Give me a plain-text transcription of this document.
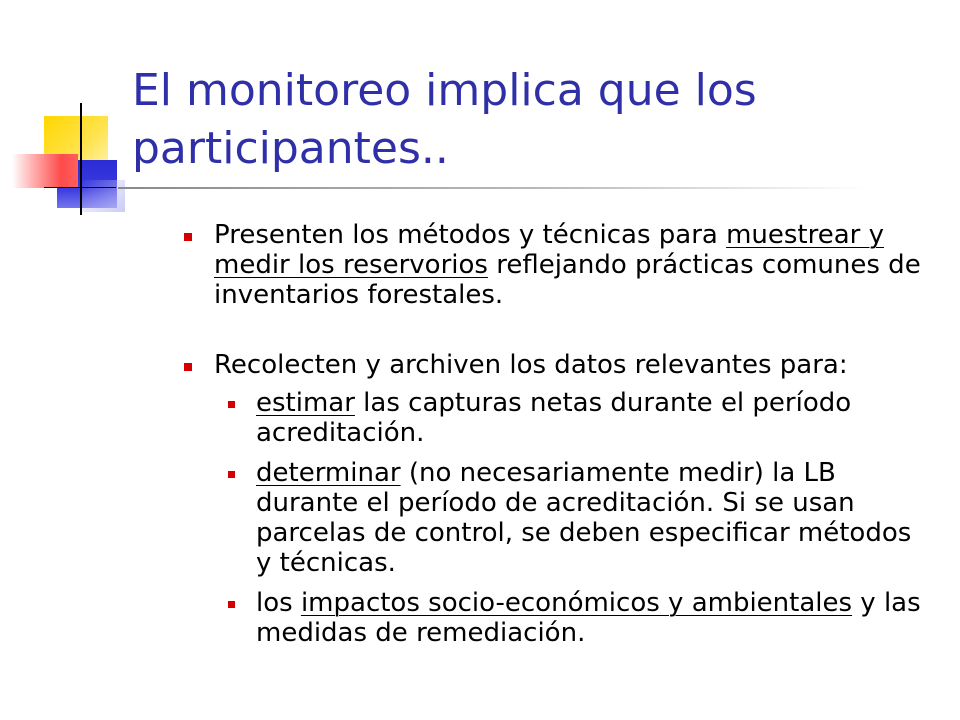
El monitoreo implica que los participantes..
Presenten los métodos y técnicas para muestrear y medir los reservorios reflejando prácticas comunes de inventarios forestales.
Recolecten y archiven los datos relevantes para:
estimar las capturas netas durante el período acreditación.
determinar (no necesariamente medir) la LB durante el período de acreditación. Si se usan parcelas de control, se deben especificar métodos y técnicas.
los impactos socio-económicos y ambientales y las medidas de remediación.
